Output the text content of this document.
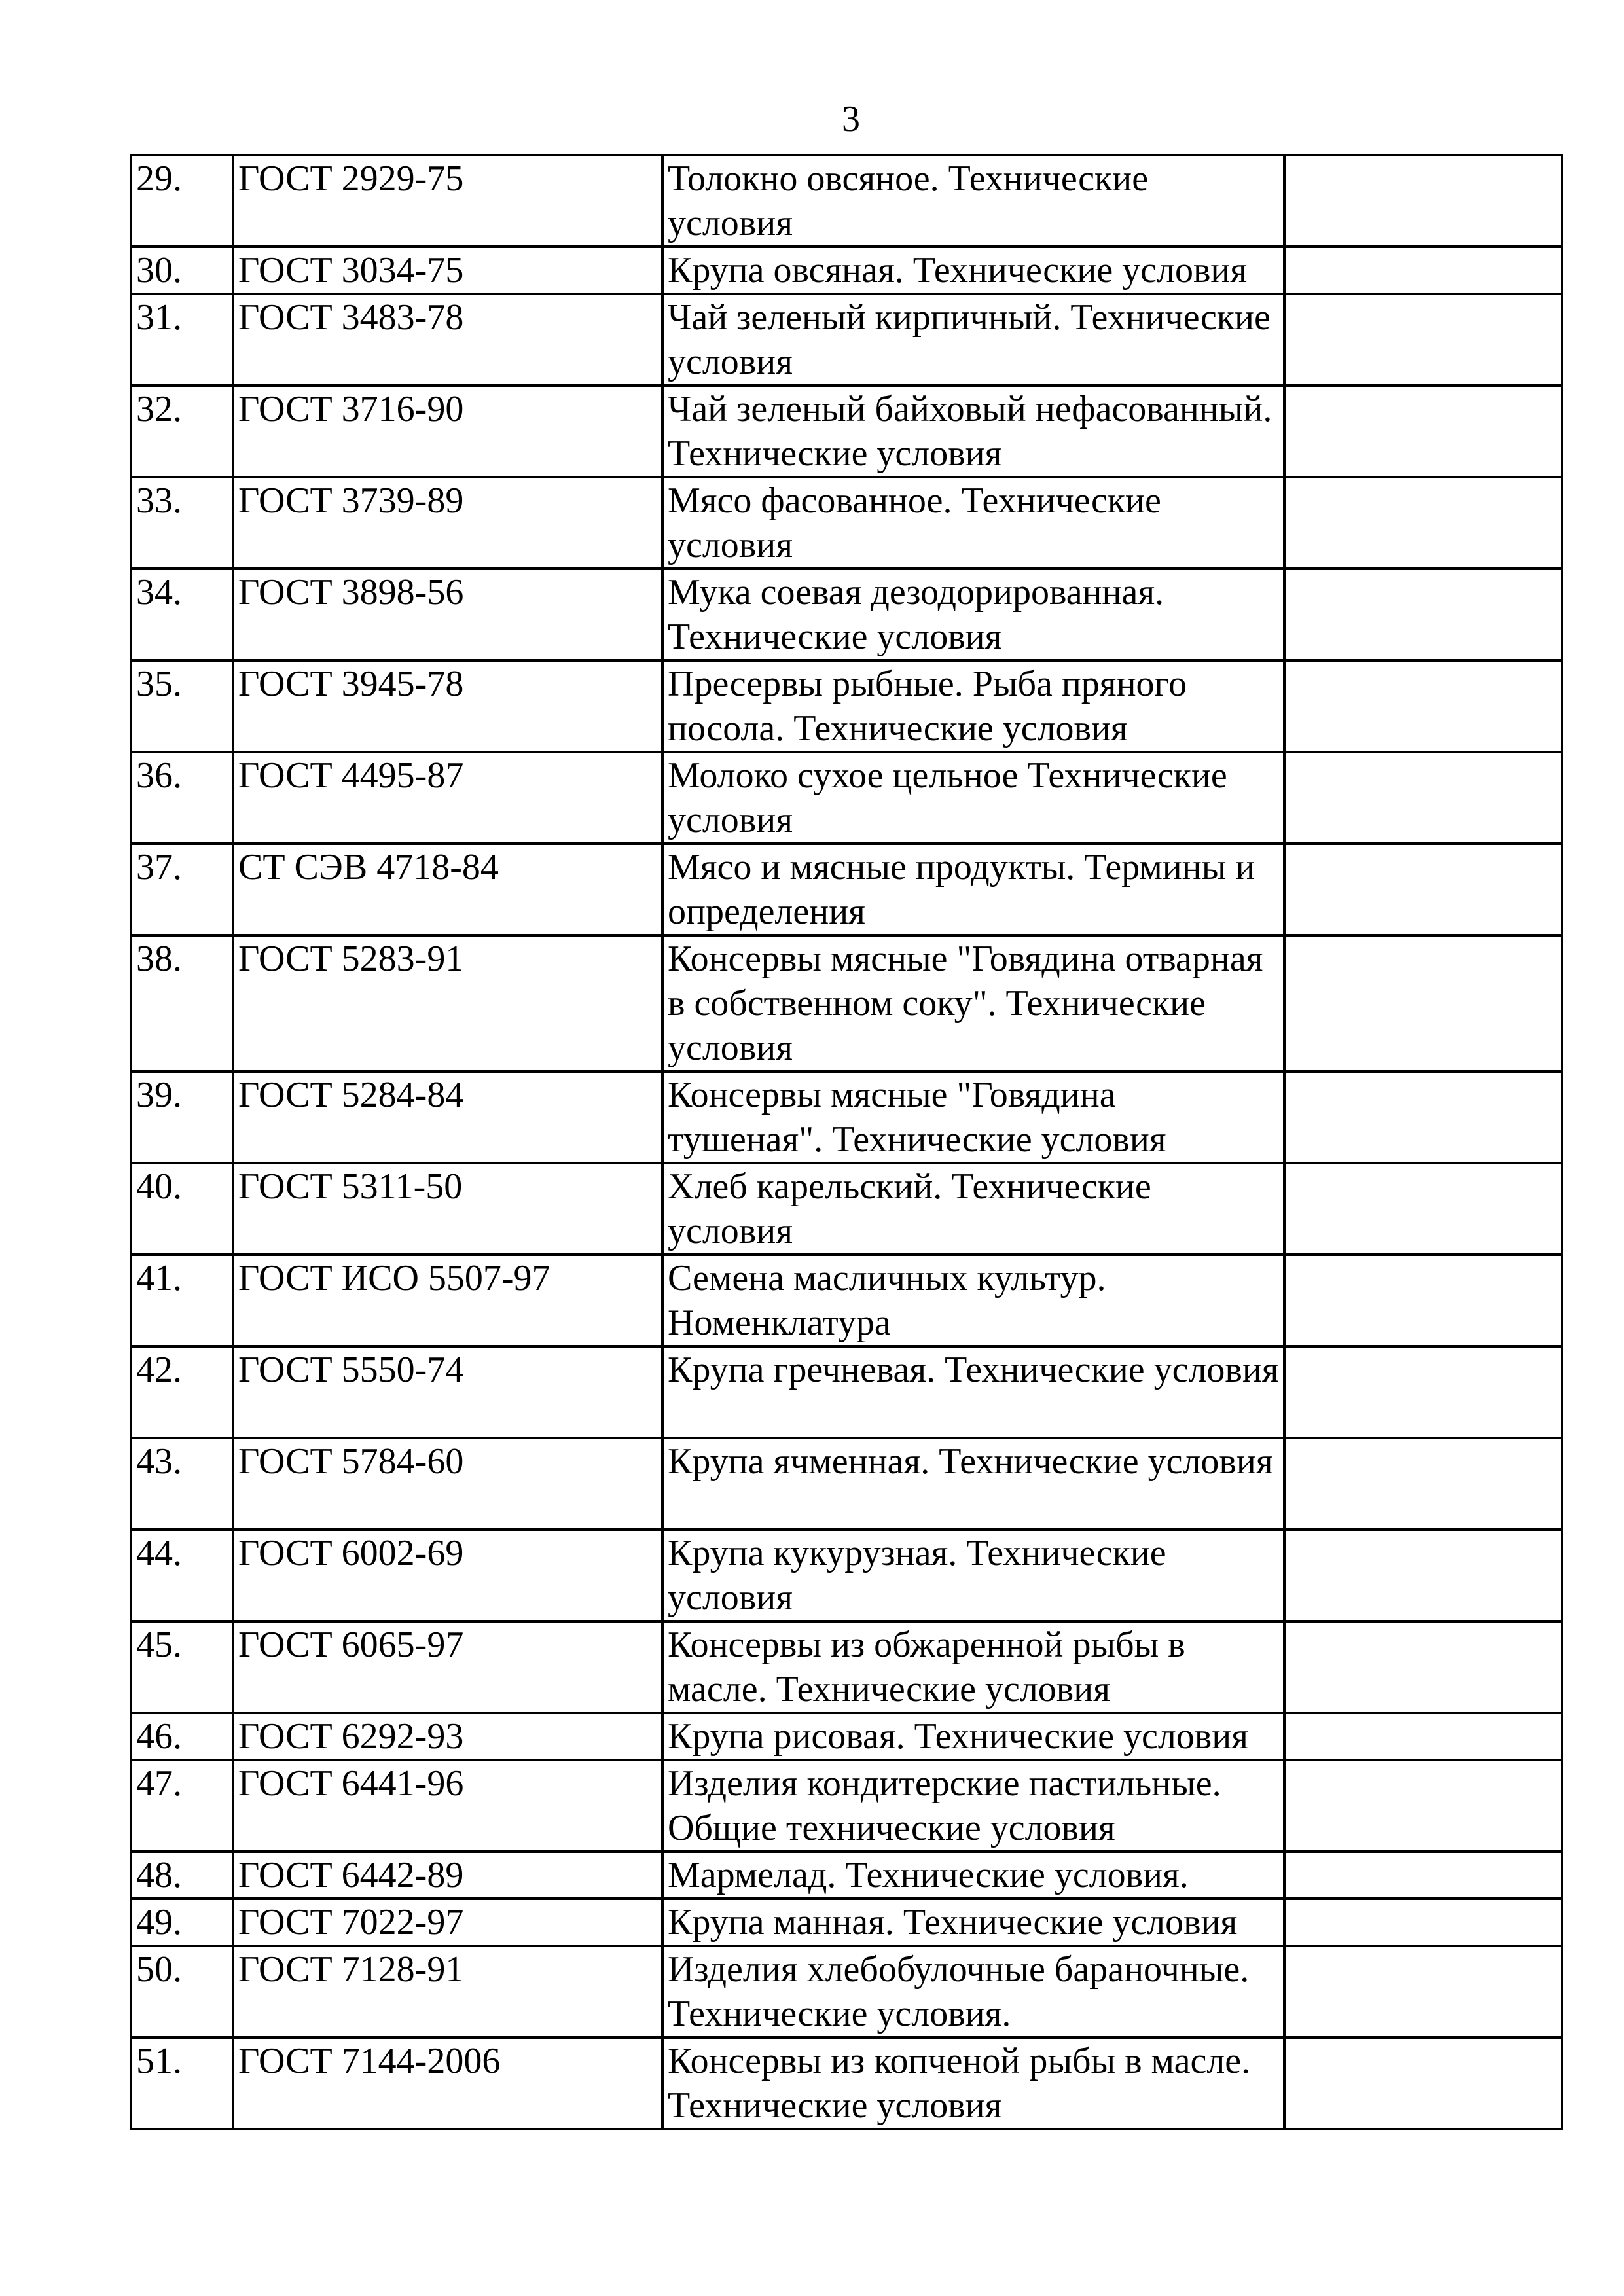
3
29.	ГОСТ 2929-75	Толокно овсяное. Технические условия	
30.	ГОСТ 3034-75	Крупа овсяная. Технические условия	
31.	ГОСТ 3483-78	Чай зеленый кирпичный. Технические условия	
32.	ГОСТ 3716-90	Чай зеленый байховый нефасованный. Технические условия	
33.	ГОСТ 3739-89	Мясо фасованное. Технические условия	
34.	ГОСТ 3898-56	Мука соевая дезодорированная. Технические условия	
35.	ГОСТ 3945-78	Пресервы рыбные. Рыба пряного посола. Технические условия	
36.	ГОСТ 4495-87	Молоко сухое цельное Технические условия	
37.	СТ СЭВ 4718-84	Мясо и мясные продукты. Термины и определения	
38.	ГОСТ 5283-91	Консервы мясные "Говядина отварная в собственном соку". Технические условия	
39.	ГОСТ 5284-84	Консервы мясные "Говядина тушеная". Технические условия	
40.	ГОСТ 5311-50	Хлеб карельский. Технические условия	
41.	ГОСТ ИСО 5507-97	Семена масличных культур. Номенклатура	
42.	ГОСТ 5550-74	Крупа гречневая. Технические условия	
43.	ГОСТ 5784-60	Крупа ячменная. Технические условия	
44.	ГОСТ 6002-69	Крупа кукурузная. Технические условия	
45.	ГОСТ 6065-97	Консервы из обжаренной рыбы в масле. Технические условия	
46.	ГОСТ 6292-93	Крупа рисовая. Технические условия	
47.	ГОСТ 6441-96	Изделия кондитерские пастильные. Общие технические условия	
48.	ГОСТ 6442-89	Мармелад. Технические условия.	
49.	ГОСТ 7022-97	Крупа манная. Технические условия	
50.	ГОСТ 7128-91	Изделия хлебобулочные бараночные. Технические условия.	
51.	ГОСТ 7144-2006	Консервы из копченой рыбы в масле. Технические условия	
